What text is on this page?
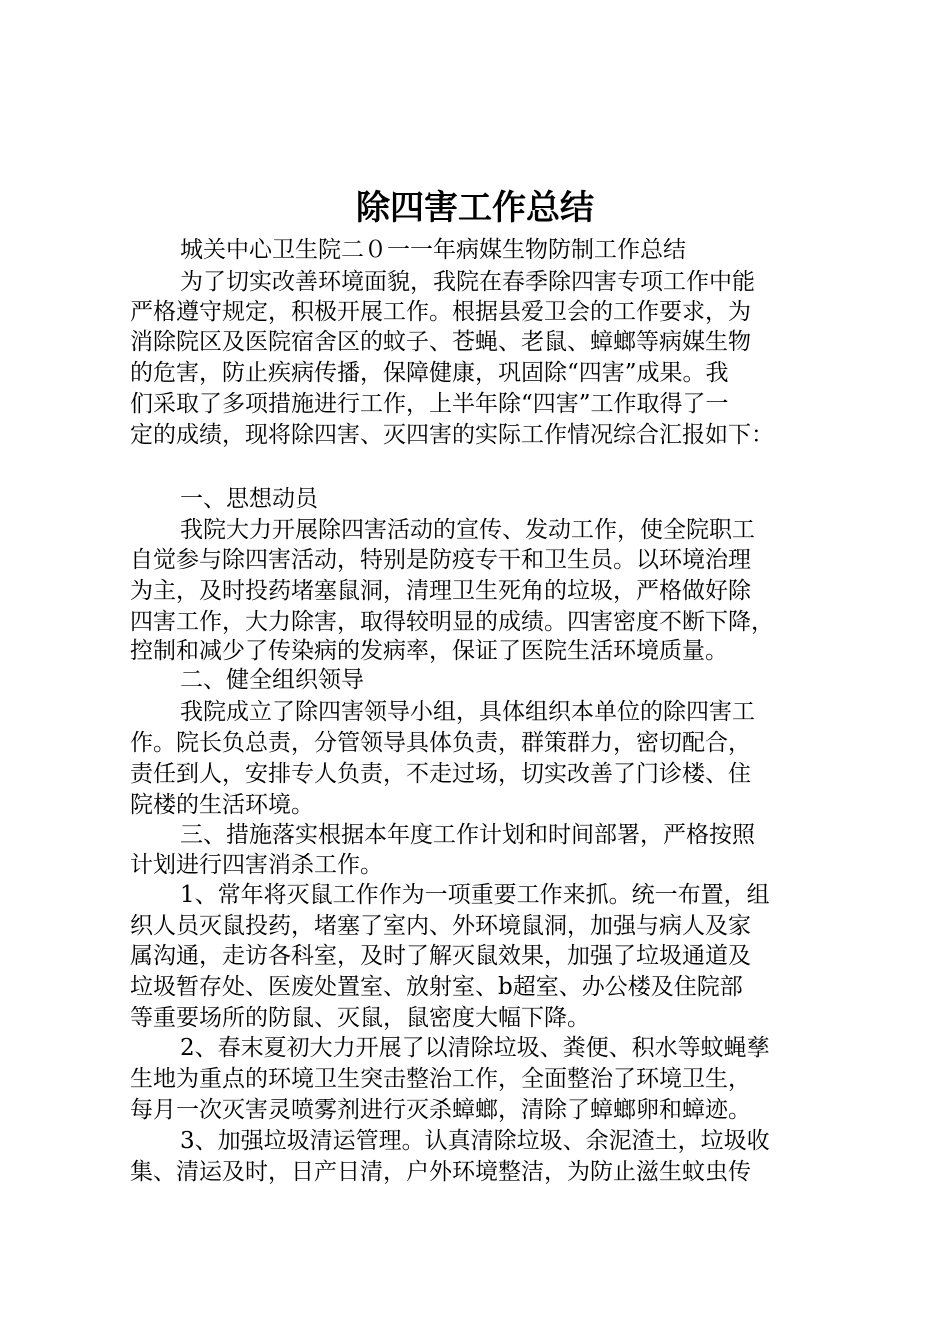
除四害工作总结

城关中心卫生院二０一一年病媒生物防制工作总结

为了切实改善环境面貌，我院在春季除四害专项工作中能

严格遵守规定，积极开展工作。根据县爱卫会的工作要求，为

消除院区及医院宿舍区的蚊子、苍蝇、老鼠、蟑螂等病媒生物

的危害，防止疾病传播，保障健康，巩固除“四害”成果。我

们采取了多项措施进行工作，上半年除“四害”工作取得了一

定的成绩，现将除四害、灭四害的实际工作情况综合汇报如下：

一、思想动员

我院大力开展除四害活动的宣传、发动工作，使全院职工

自觉参与除四害活动，特别是防疫专干和卫生员。以环境治理

为主，及时投药堵塞鼠洞，清理卫生死角的垃圾，严格做好除

四害工作，大力除害，取得较明显的成绩。四害密度不断下降，

控制和减少了传染病的发病率，保证了医院生活环境质量。

二、健全组织领导

我院成立了除四害领导小组，具体组织本单位的除四害工

作。院长负总责，分管领导具体负责，群策群力，密切配合，

责任到人，安排专人负责，不走过场，切实改善了门诊楼、住

院楼的生活环境。

三、措施落实根据本年度工作计划和时间部署，严格按照

计划进行四害消杀工作。

1、常年将灭鼠工作作为一项重要工作来抓。统一布置，组

织人员灭鼠投药，堵塞了室内、外环境鼠洞，加强与病人及家

属沟通，走访各科室，及时了解灭鼠效果，加强了垃圾通道及

垃圾暂存处、医废处置室、放射室、b超室、办公楼及住院部

等重要场所的防鼠、灭鼠，鼠密度大幅下降。

2、春末夏初大力开展了以清除垃圾、粪便、积水等蚊蝇孳

生地为重点的环境卫生突击整治工作，全面整治了环境卫生，

每月一次灭害灵喷雾剂进行灭杀蟑螂，清除了蟑螂卵和蟑迹。

3、加强垃圾清运管理。认真清除垃圾、余泥渣土，垃圾收

集、清运及时，日产日清，户外环境整洁，为防止滋生蚊虫传
